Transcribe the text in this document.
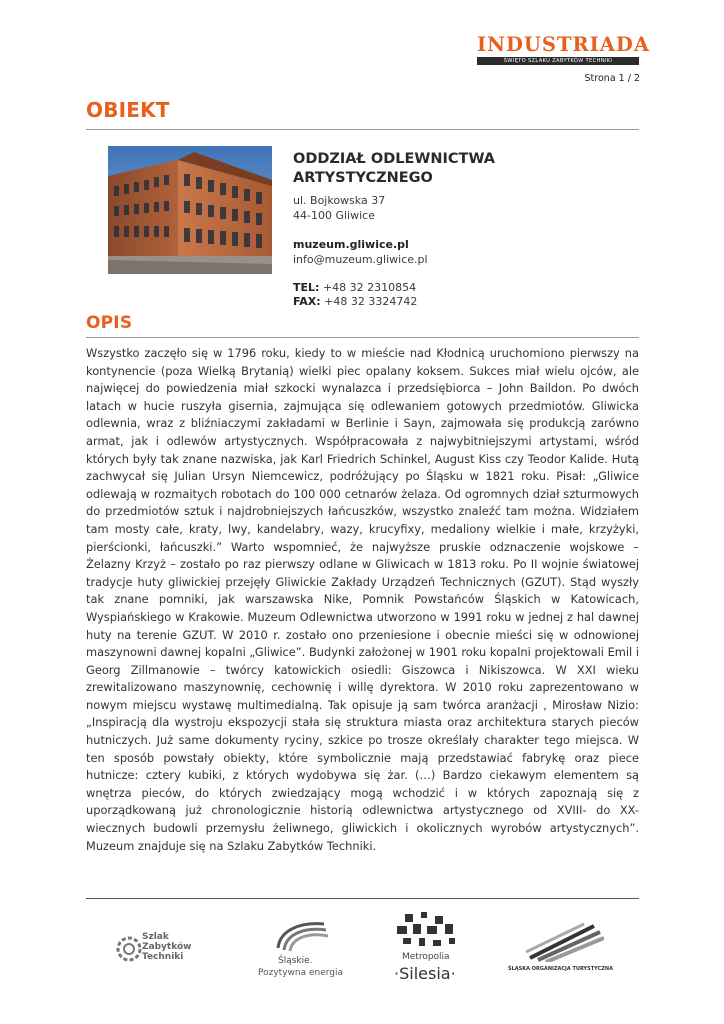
INDUSTRIADA
ŚWIĘTO SZLAKU ZABYTKÓW TECHNIKI
Strona 1 / 2
OBIEKT
ODDZIAŁ ODLEWNICTWA ARTYSTYCZNEGO
ul. Bojkowska 37
44-100 Gliwice
muzeum.gliwice.pl
info@muzeum.gliwice.pl
TEL: +48 32 2310854
FAX: +48 32 3324742
OPIS

Wszystko zaczęło się w 1796 roku, kiedy to w mieście nad Kłodnicą uruchomiono pierwszy na kontynencie (poza Wielką Brytanią) wielki piec opalany koksem. Sukces miał wielu ojców, ale najwięcej do powiedzenia miał szkocki wynalazca i przedsiębiorca – John Baildon. Po dwóch latach w hucie ruszyła gisernia, zajmująca się odlewaniem gotowych przedmiotów. Gliwicka odlewnia, wraz z bliźniaczymi zakładami w Berlinie i Sayn, zajmowała się produkcją zarówno armat, jak i odlewów artystycznych. Współpracowała z najwybitniejszymi artystami, wśród których były tak znane nazwiska, jak Karl Friedrich Schinkel, August Kiss czy Teodor Kalide. Hutą zachwycał się Julian Ursyn Niemcewicz, podróżujący po Śląsku w 1821 roku. Pisał: „Gliwice odlewają w rozmaitych robotach do 100 000 cetnarów żelaza. Od ogromnych dział szturmowych do przedmiotów sztuk i najdrobniejszych łańcuszków, wszystko znaleźć tam można. Widziałem tam mosty całe, kraty, lwy, kandelabry, wazy, krucyfixy, medaliony wielkie i małe, krzyżyki, pierścionki, łańcuszki.” Warto wspomnieć, że najwyższe pruskie odznaczenie wojskowe – Żelazny Krzyż – zostało po raz pierwszy odlane w Gliwicach w 1813 roku. Po II wojnie światowej tradycje huty gliwickiej przejęły Gliwickie Zakłady Urządzeń Technicznych (GZUT). Stąd wyszły tak znane pomniki, jak warszawska Nike, Pomnik Powstańców Śląskich w Katowicach, Wyspiańskiego w Krakowie. Muzeum Odlewnictwa utworzono w 1991 roku w jednej z hal dawnej huty na terenie GZUT. W 2010 r. zostało ono przeniesione i obecnie mieści się w odnowionej maszynowni dawnej kopalni „Gliwice”. Budynki założonej w 1901 roku kopalni projektowali Emil i Georg Zillmanowie – twórcy katowickich osiedli: Giszowca i Nikiszowca. W XXI wieku zrewitalizowano maszynownię, cechownię i willę dyrektora. W 2010 roku zaprezentowano w nowym miejscu wystawę multimedialną. Tak opisuje ją sam twórca aranżacji , Mirosław Nizio: „Inspiracją dla wystroju ekspozycji stała się struktura miasta oraz architektura starych pieców hutniczych. Już same dokumenty ryciny, szkice po trosze określały charakter tego miejsca. W ten sposób powstały obiekty, które symbolicznie mają przedstawiać fabrykę oraz piece hutnicze: cztery kubiki, z których wydobywa się żar. (…) Bardzo ciekawym elementem są wnętrza pieców, do których zwiedzający mogą wchodzić i w których zapoznają się z uporządkowaną już chronologicznie historią odlewnictwa artystycznego od XVIII- do XX-wiecznych budowli przemysłu żeliwnego, gliwickich i okolicznych wyrobów artystycznych”. Muzeum znajduje się na Szlaku Zabytków Techniki.

Szlak
Zabytków
Techniki	Śląskie.
Pozytywna energia
Metropolia
·Silesia·	ŚLĄSKA ORGANIZACJA TURYSTYCZNA
